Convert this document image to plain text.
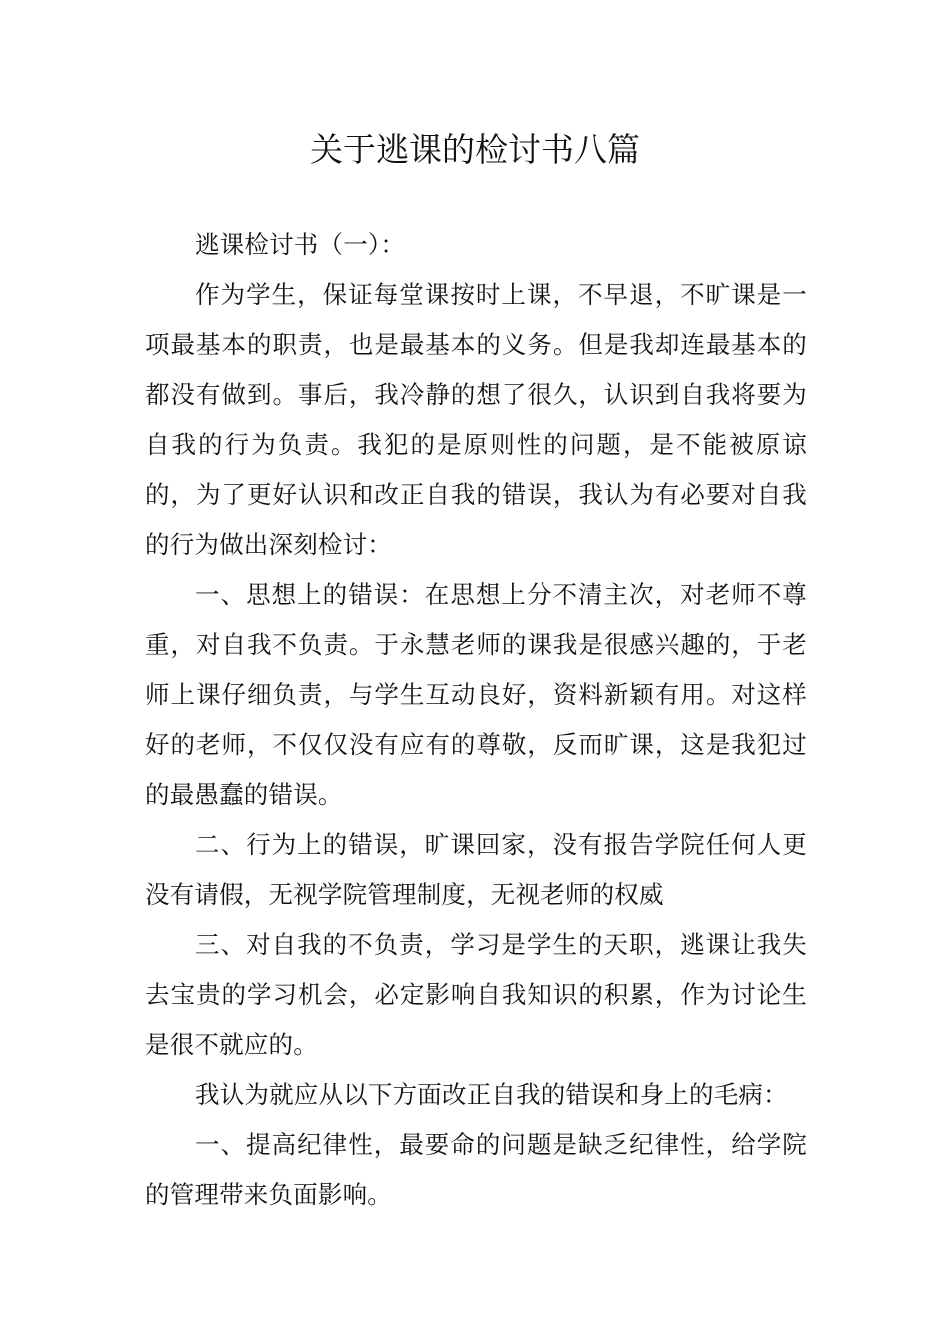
关于逃课的检讨书八篇

逃课检讨书（一）：

作为学生，保证每堂课按时上课，不早退，不旷课是一项最基本的职责，也是最基本的义务。但是我却连最基本的都没有做到。事后，我冷静的想了很久，认识到自我将要为自我的行为负责。我犯的是原则性的问题，是不能被原谅的，为了更好认识和改正自我的错误，我认为有必要对自我的行为做出深刻检讨：

一、思想上的错误：在思想上分不清主次，对老师不尊重，对自我不负责。于永慧老师的课我是很感兴趣的，于老师上课仔细负责，与学生互动良好，资料新颖有用。对这样好的老师，不仅仅没有应有的尊敬，反而旷课，这是我犯过的最愚蠢的错误。

二、行为上的错误，旷课回家，没有报告学院任何人更没有请假，无视学院管理制度，无视老师的权威

三、对自我的不负责，学习是学生的天职，逃课让我失去宝贵的学习机会，必定影响自我知识的积累，作为讨论生是很不就应的。

我认为就应从以下方面改正自我的错误和身上的毛病：

一、提高纪律性，最要命的问题是缺乏纪律性，给学院的管理带来负面影响。
